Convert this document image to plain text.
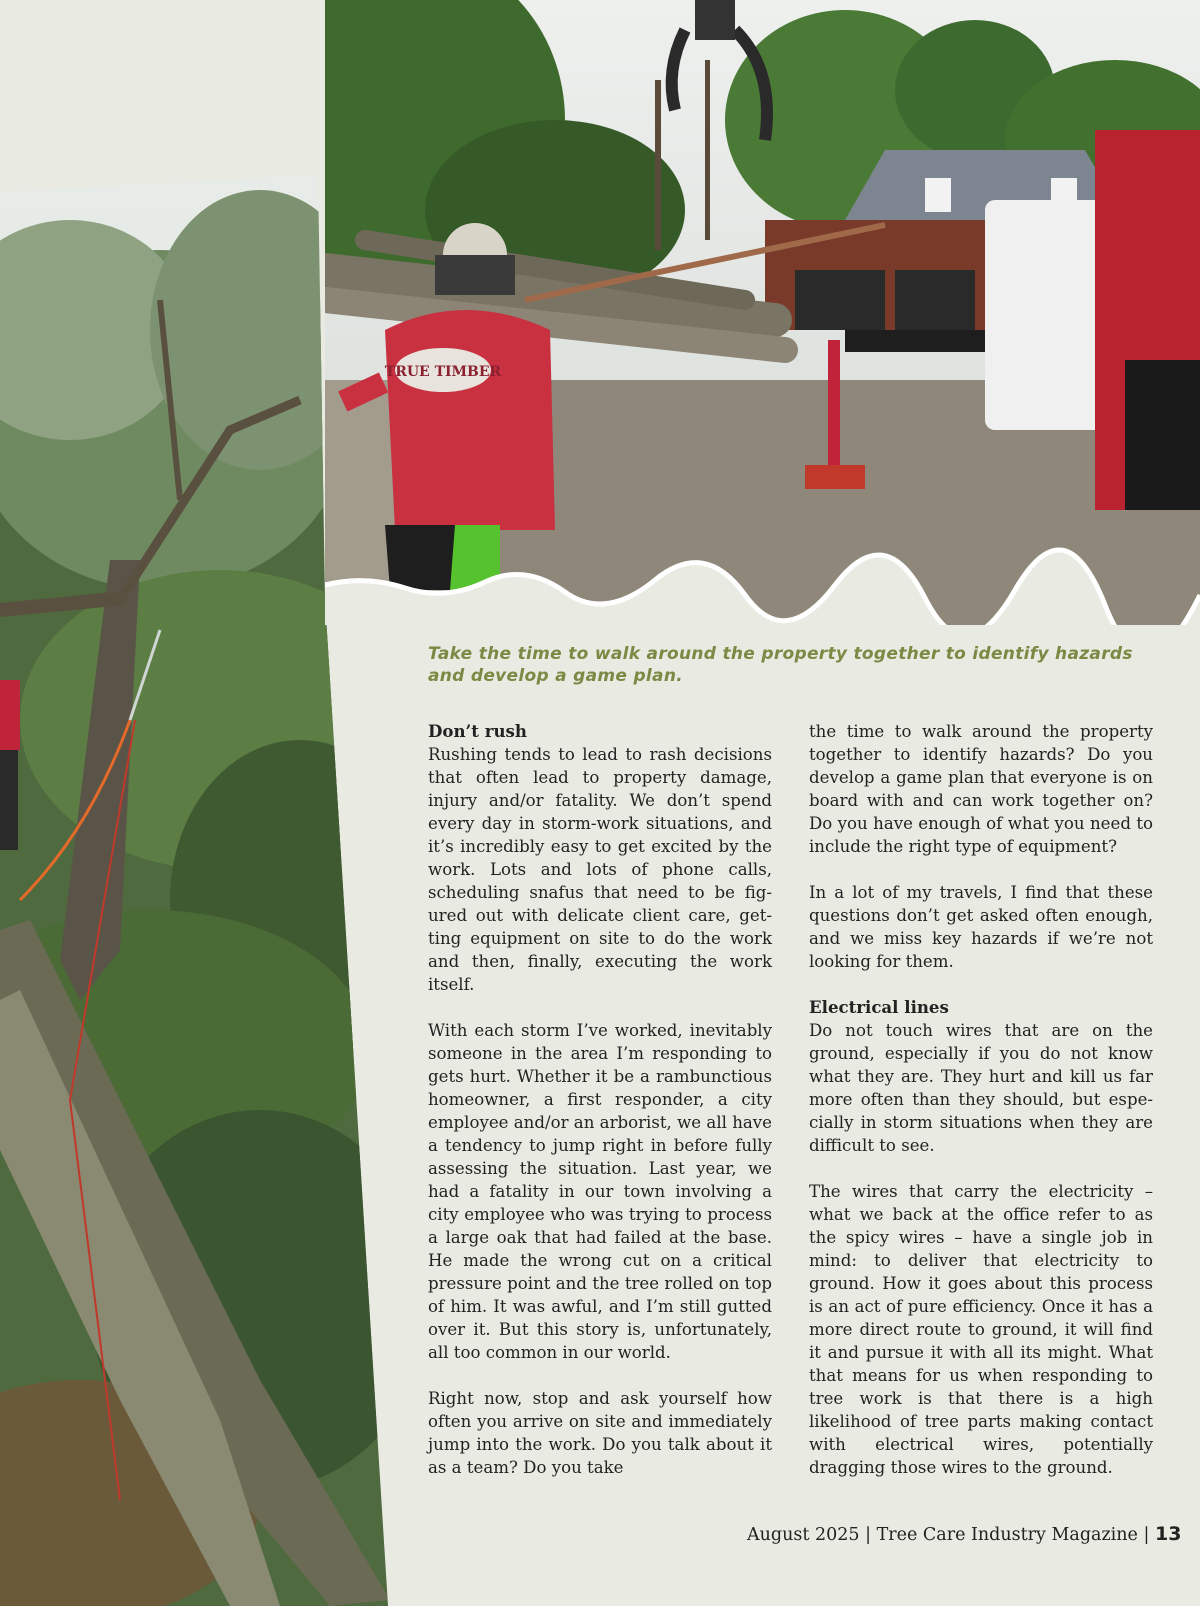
TRUE TIMBER
Take the time to walk around the property together to identify hazards and develop a game plan.
Don’t rush

Rushing tends to lead to rash decisions that often lead to property damage, injury and/or fatality. We don’t spend every day in storm-work situations, and it’s incredibly easy to get excited by the work. Lots and lots of phone calls, scheduling snafus that need to be figured out with delicate client care, getting equipment on site to do the work and then, finally, executing the work itself.

With each storm I’ve worked, inevitably someone in the area I’m responding to gets hurt. Whether it be a rambunctious homeowner, a first responder, a city employee and/or an arborist, we all have a tendency to jump right in before fully assessing the situation. Last year, we had a fatality in our town involving a city employee who was trying to process a large oak that had failed at the base. He made the wrong cut on a critical pressure point and the tree rolled on top of him. It was awful, and I’m still gutted over it. But this story is, unfortunately, all too common in our world.

Right now, stop and ask yourself how often you arrive on site and immediately jump into the work. Do you talk about it as a team? Do you take

the time to walk around the property together to identify hazards? Do you develop a game plan that everyone is on board with and can work together on? Do you have enough of what you need to include the right type of equipment?

In a lot of my travels, I find that these questions don’t get asked often enough, and we miss key hazards if we’re not looking for them.

Electrical lines

Do not touch wires that are on the ground, especially if you do not know what they are. They hurt and kill us far more often than they should, but especially in storm situations when they are difficult to see.

The wires that carry the electricity – what we back at the office refer to as the spicy wires – have a single job in mind: to deliver that electricity to ground. How it goes about this process is an act of pure efficiency. Once it has a more direct route to ground, it will find it and pursue it with all its might. What that means for us when responding to tree work is that there is a high likelihood of tree parts making contact with electrical wires, potentially dragging those wires to the ground.

August 2025 | Tree Care Industry Magazine | 13
